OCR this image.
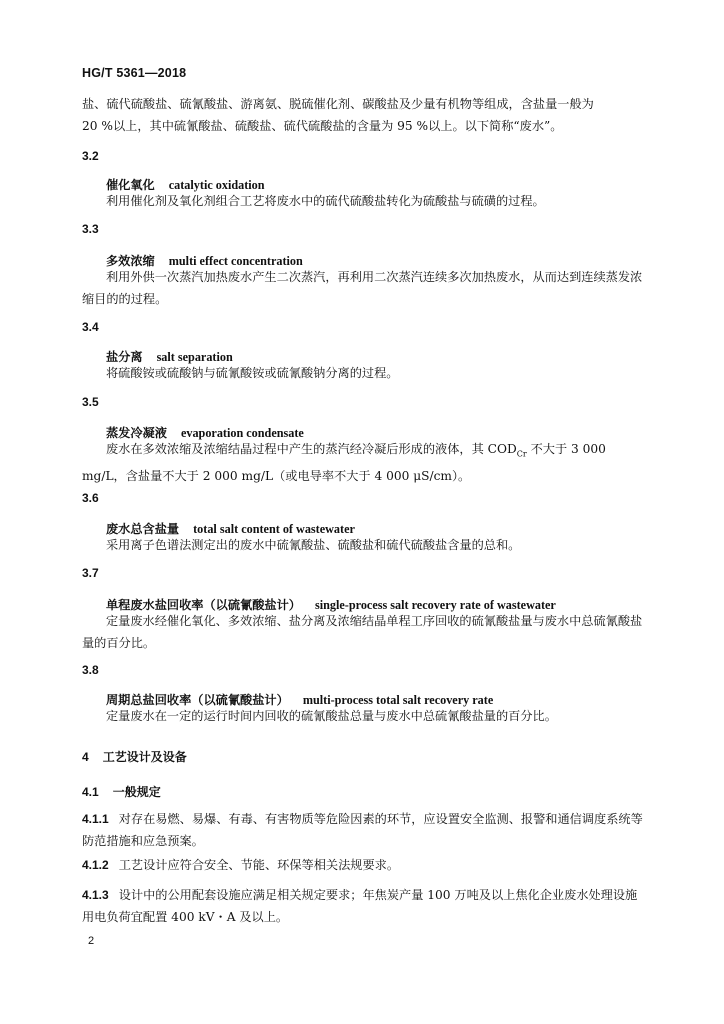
HG/T 5361—2018
盐、硫代硫酸盐、硫氰酸盐、游离氨、脱硫催化剂、碳酸盐及少量有机物等组成，含盐量一般为
20 %以上，其中硫氰酸盐、硫酸盐、硫代硫酸盐的含量为 95 %以上。以下简称“废水”。
3.2
催化氧化 catalytic oxidation
利用催化剂及氧化剂组合工艺将废水中的硫代硫酸盐转化为硫酸盐与硫磺的过程。
3.3
多效浓缩 multi effect concentration
利用外供一次蒸汽加热废水产生二次蒸汽，再利用二次蒸汽连续多次加热废水，从而达到连续蒸发浓缩目的的过程。
3.4
盐分离 salt separation
将硫酸铵或硫酸钠与硫氰酸铵或硫氰酸钠分离的过程。
3.5
蒸发冷凝液 evaporation condensate
废水在多效浓缩及浓缩结晶过程中产生的蒸汽经冷凝后形成的液体，其 $COD_{Cr}$ 不大于 3 000 mg/L，含盐量不大于 2 000 mg/L（或电导率不大于 4 000 μS/cm）。
3.6
废水总含盐量 total salt content of wastewater
采用离子色谱法测定出的废水中硫氰酸盐、硫酸盐和硫代硫酸盐含量的总和。
3.7
单程废水盐回收率（以硫氰酸盐计） single-process salt recovery rate of wastewater
定量废水经催化氧化、多效浓缩、盐分离及浓缩结晶单程工序回收的硫氰酸盐量与废水中总硫氰酸盐量的百分比。
3.8
周期总盐回收率（以硫氰酸盐计） multi-process total salt recovery rate
定量废水在一定的运行时间内回收的硫氰酸盐总量与废水中总硫氰酸盐量的百分比。
4 工艺设计及设备
4.1 一般规定
4.1.1 对存在易燃、易爆、有毒、有害物质等危险因素的环节，应设置安全监测、报警和通信调度系统等防范措施和应急预案。
4.1.2 工艺设计应符合安全、节能、环保等相关法规要求。
4.1.3 设计中的公用配套设施应满足相关规定要求；年焦炭产量 100 万吨及以上焦化企业废水处理设施用电负荷宜配置 400 kV・A 及以上。
2
